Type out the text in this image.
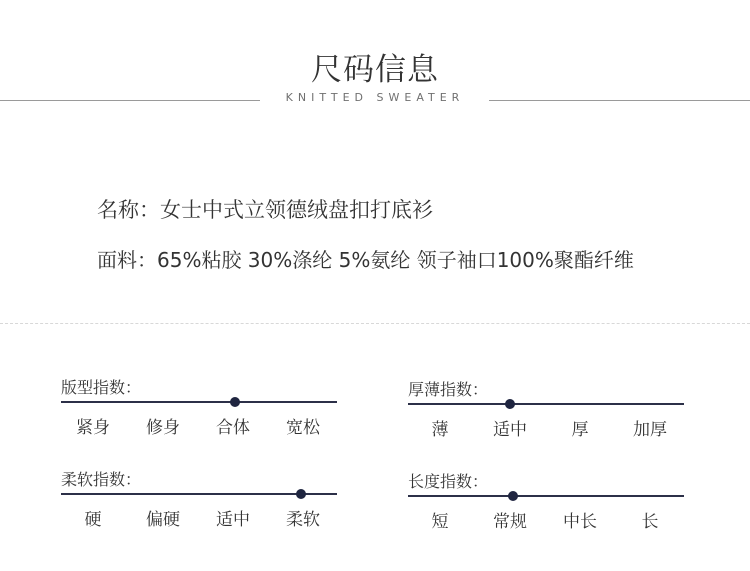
尺码信息
KNITTED SWEATER
名称：女士中式立领德绒盘扣打底衫
面料：65%粘胶 30%涤纶 5%氨纶 领子袖口100%聚酯纤维
版型指数：
紧身 修身 合体 宽松
厚薄指数：
薄	适中	厚	加厚
柔软指数：
硬	偏硬 适中 柔软
长度指数：
短	常规 中长	长
